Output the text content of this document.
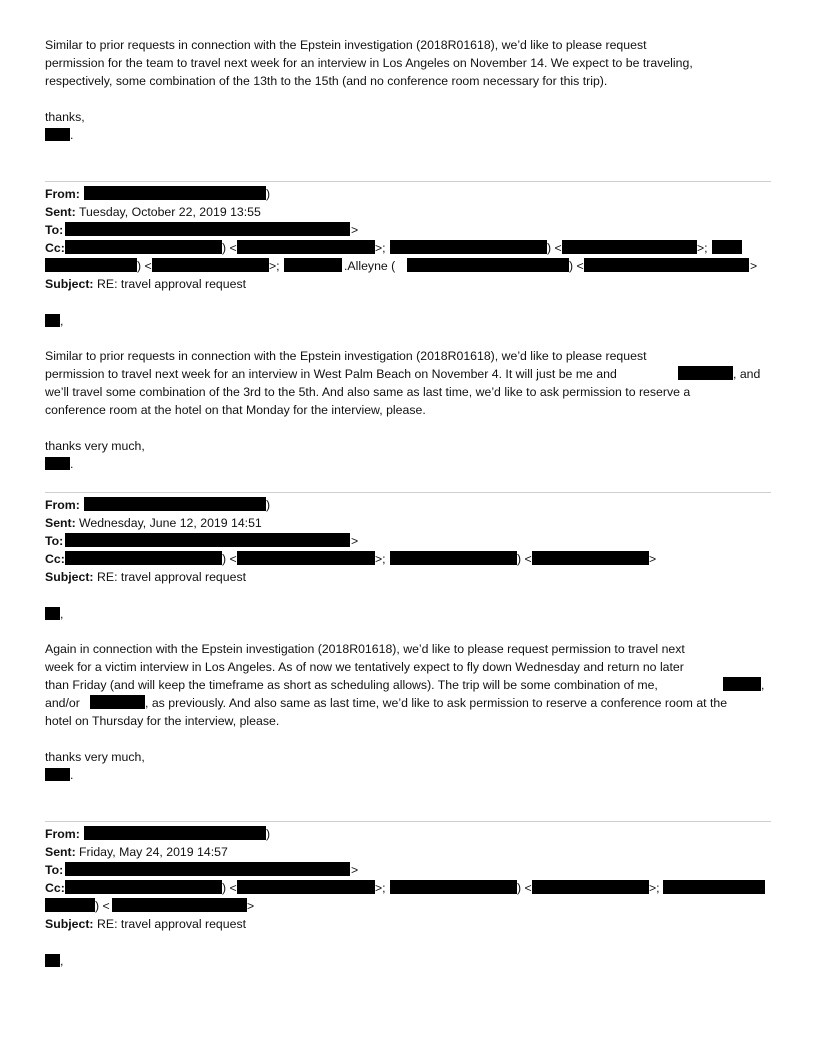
Similar to prior requests in connection with the Epstein investigation (2018R01618), we’d like to please request
permission for the team to travel next week for an interview in Los Angeles on November 14. We expect to be traveling,
respectively, some combination of the 13th to the 15th (and no conference room necessary for this trip).
thanks,
.
From:	)
Sent: Tuesday, October 22, 2019 13:55
To:	>
Cc:	) <	>;	) <	>;
) <	>;	.Alleyne (	) <	>
Subject: RE: travel approval request
,
Similar to prior requests in connection with the Epstein investigation (2018R01618), we’d like to please request
permission to travel next week for an interview in West Palm Beach on November 4. It will just be me and	, and
we’ll travel some combination of the 3rd to the 5th. And also same as last time, we’d like to ask permission to reserve a
conference room at the hotel on that Monday for the interview, please.
thanks very much,
.
From:	)
Sent: Wednesday, June 12, 2019 14:51
To:	>
Cc:	) <	>;	) <	>
Subject: RE: travel approval request
,
Again in connection with the Epstein investigation (2018R01618), we’d like to please request permission to travel next
week for a victim interview in Los Angeles. As of now we tentatively expect to fly down Wednesday and return no later
than Friday (and will keep the timeframe as short as scheduling allows). The trip will be some combination of me,	,
and/or	, as previously. And also same as last time, we’d like to ask permission to reserve a conference room at the
hotel on Thursday for the interview, please.
thanks very much,
.
From:	)
Sent: Friday, May 24, 2019 14:57
To:	>
Cc:	) <	>;	) <	>;
) <	>
Subject: RE: travel approval request
,
